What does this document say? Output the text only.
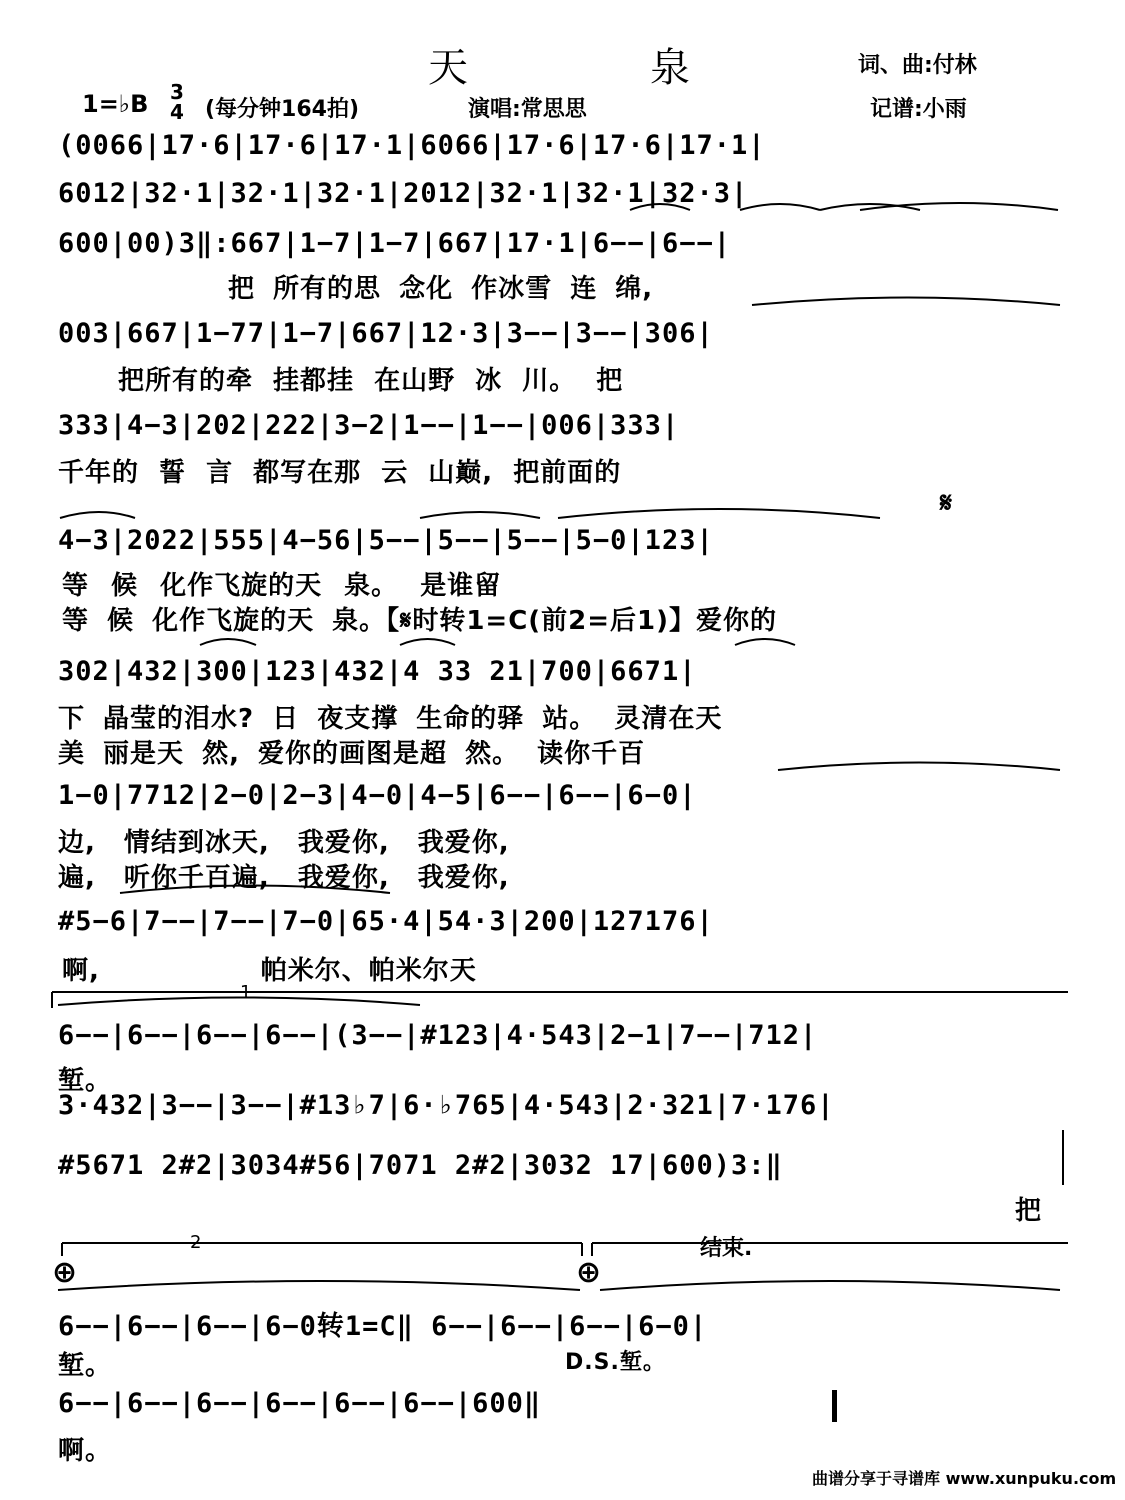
天	泉	词、曲:付林
1=♭B 3
4 (每分钟164拍)	演唱:常思思	记谱:小雨
(0066|17·6|17·6|17·1|6066|17·6|17·6|17·1|
6012|32·1|32·1|32·1|2012|32·1|32·1|32·3|
600|00)3‖:667|1−7|1−7|667|17·1|6−−|6−−|
把 所有的思 念化 作冰雪 连 绵,
003|667|1−77|1−7|667|12·3|3−−|3−−|306|
把所有的牵 挂都挂 在山野 冰 川。 把
333|4−3|202|222|3−2|1−−|1−−|006|333|
千年的 誓 言 都写在那 云 山巅, 把前面的
𝄋
4−3|2022|555|4−56|5−−|5−−|5−−|5−0|123|
等 候 化作飞旋的天 泉。 是谁留
等 候 化作飞旋的天 泉。【𝄋时转1=C(前2=后1)】爱你的
302|432|300|123|432|4 33 21|700|6671|
下 晶莹的泪水? 日 夜支撑 生命的驿 站。 灵清在天
美 丽是天 然, 爱你的画图是超 然。 读你千百
1−0|7712|2−0|2−3|4−0|4−5|6−−|6−−|6−0|
边, 情结到冰天, 我爱你, 我爱你,
遍, 听你千百遍, 我爱你, 我爱你,
#5−6|7−−|7−−|7−0|65·4|54·3|200|127176|
啊,                帕米尔、帕米尔天
1
6−−|6−−|6−−|6−−|(3−−|#123|4·543|2−1|7−−|712|
堑。
3·432|3−−|3−−|#13♭7|6·♭765|4·543|2·321|7·176|
#5671 2#2|3034#56|7071 2#2|3032 17|600)3:‖
把
2	结束.
⊕	⊕
6−−|6−−|6−−|6−0转1=C‖ 6−−|6−−|6−−|6−0|
堑。	D.S.堑。
6−−|6−−|6−−|6−−|6−−|6−−|600‖
啊。
曲谱分享于寻谱库 www.xunpuku.com
